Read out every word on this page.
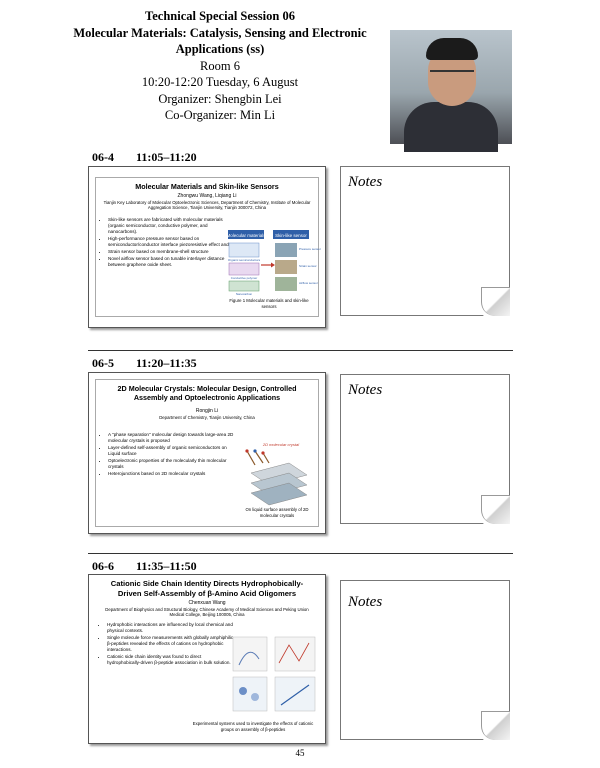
Technical Special Session 06
Molecular Materials: Catalysis, Sensing and Electronic
Applications (ss)
Room 6
10:20-12:20 Tuesday, 6 August
Organizer: Shengbin Lei
Co-Organizer: Min Li
06-4 11:05–11:20
Molecular Materials and Skin-like Sensors
Zhongwu Wang, Liqiang Li
Tianjin Key Laboratory of Molecular Optoelectronic Sciences, Department of Chemistry, Institute of Molecular Aggregation Science, Tianjin University, Tianjin 300072, China
• Skin-like sensors are fabricated with molecular materials (organic semiconductor, conductive polymer, and nanocarbons).
• High-performance pressure sensor based on semiconductor/conductor interface piezoresistive effect and
• Strain sensor based on membrane-shell structure
• Novel airflow sensor based on tunable interlayer distance between graphene oxide sheet.
Molecular materials Skin-like sensor
Organic semiconductors
Conductive polymer
Nanocarbon
Pressure sensor
Strain sensor
Airflow sensor
Figure 1 Molecular materials and skin-like sensors
Notes
06-5 11:20–11:35
2D Molecular Crystals: Molecular Design, Controlled Assembly and Optoelectronic Applications
Rongjin Li
Department of Chemistry, Tianjin University, China
• A "phase separation" molecular design towards large-area 2D molecular crystals is proposed
• Layer-defined self-assembly of organic semiconductors on Liquid surface
• Optoelectronic properties of the molecularly thin molecular crystals
• Heterojunctions based on 2D molecular crystals
2D molecular crystal
On liquid surface assembly of 2D molecular crystals
Notes
06-6 11:35–11:50
Cationic Side Chain Identity Directs Hydrophobically-Driven Self-Assembly of β-Amino Acid Oligomers
Chenxuan Wang
Department of Biophysics and Structural Biology, Chinese Academy of Medical Sciences and Peking Union Medical College, Beijing 100005, China
• Hydrophobic interactions are influenced by local chemical and physical contexts.
• Single molecule force measurements with globally amphiphilic β-peptides revealed the effects of cations on hydrophobic interactions.
• Cationic side chain identity was found to direct hydrophobically-driven β-peptide association in bulk solution.
Experimental systems used to investigate the effects of cationic groups on assembly of β-peptides
Notes
45
